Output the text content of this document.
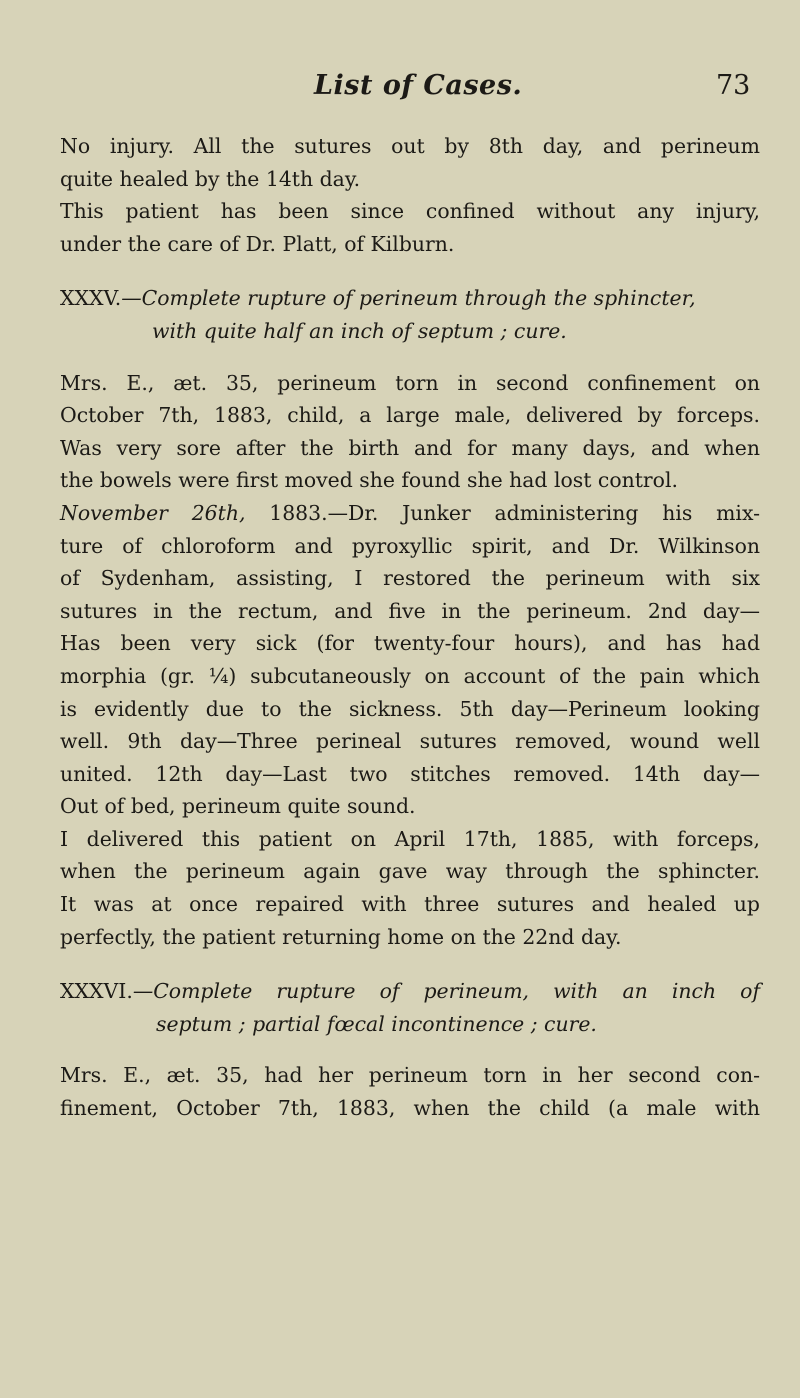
List of Cases.	73
No injury. All the sutures out by 8th day, and perineum
quite healed by the 14th day.
This patient has been since confined without any injury,
under the care of Dr. Platt, of Kilburn.
XXXV.—Complete rupture of perineum through the sphincter,
with quite half an inch of septum ; cure.
Mrs. E., æt. 35, perineum torn in second confinement on
October 7th, 1883, child, a large male, delivered by forceps.
Was very sore after the birth and for many days, and when
the bowels were first moved she found she had lost control.
November 26th, 1883.—Dr. Junker administering his mix-
ture of chloroform and pyroxyllic spirit, and Dr. Wilkinson
of Sydenham, assisting, I restored the perineum with six
sutures in the rectum, and five in the perineum. 2nd day—
Has been very sick (for twenty-four hours), and has had
morphia (gr. ¼) subcutaneously on account of the pain which
is evidently due to the sickness. 5th day—Perineum looking
well. 9th day—Three perineal sutures removed, wound well
united. 12th day—Last two stitches removed. 14th day—
Out of bed, perineum quite sound.
I delivered this patient on April 17th, 1885, with forceps,
when the perineum again gave way through the sphincter.
It was at once repaired with three sutures and healed up
perfectly, the patient returning home on the 22nd day.
XXXVI.—Complete rupture of perineum, with an inch of
septum ; partial fœcal incontinence ; cure.
Mrs. E., æt. 35, had her perineum torn in her second con-
finement, October 7th, 1883, when the child (a male with
